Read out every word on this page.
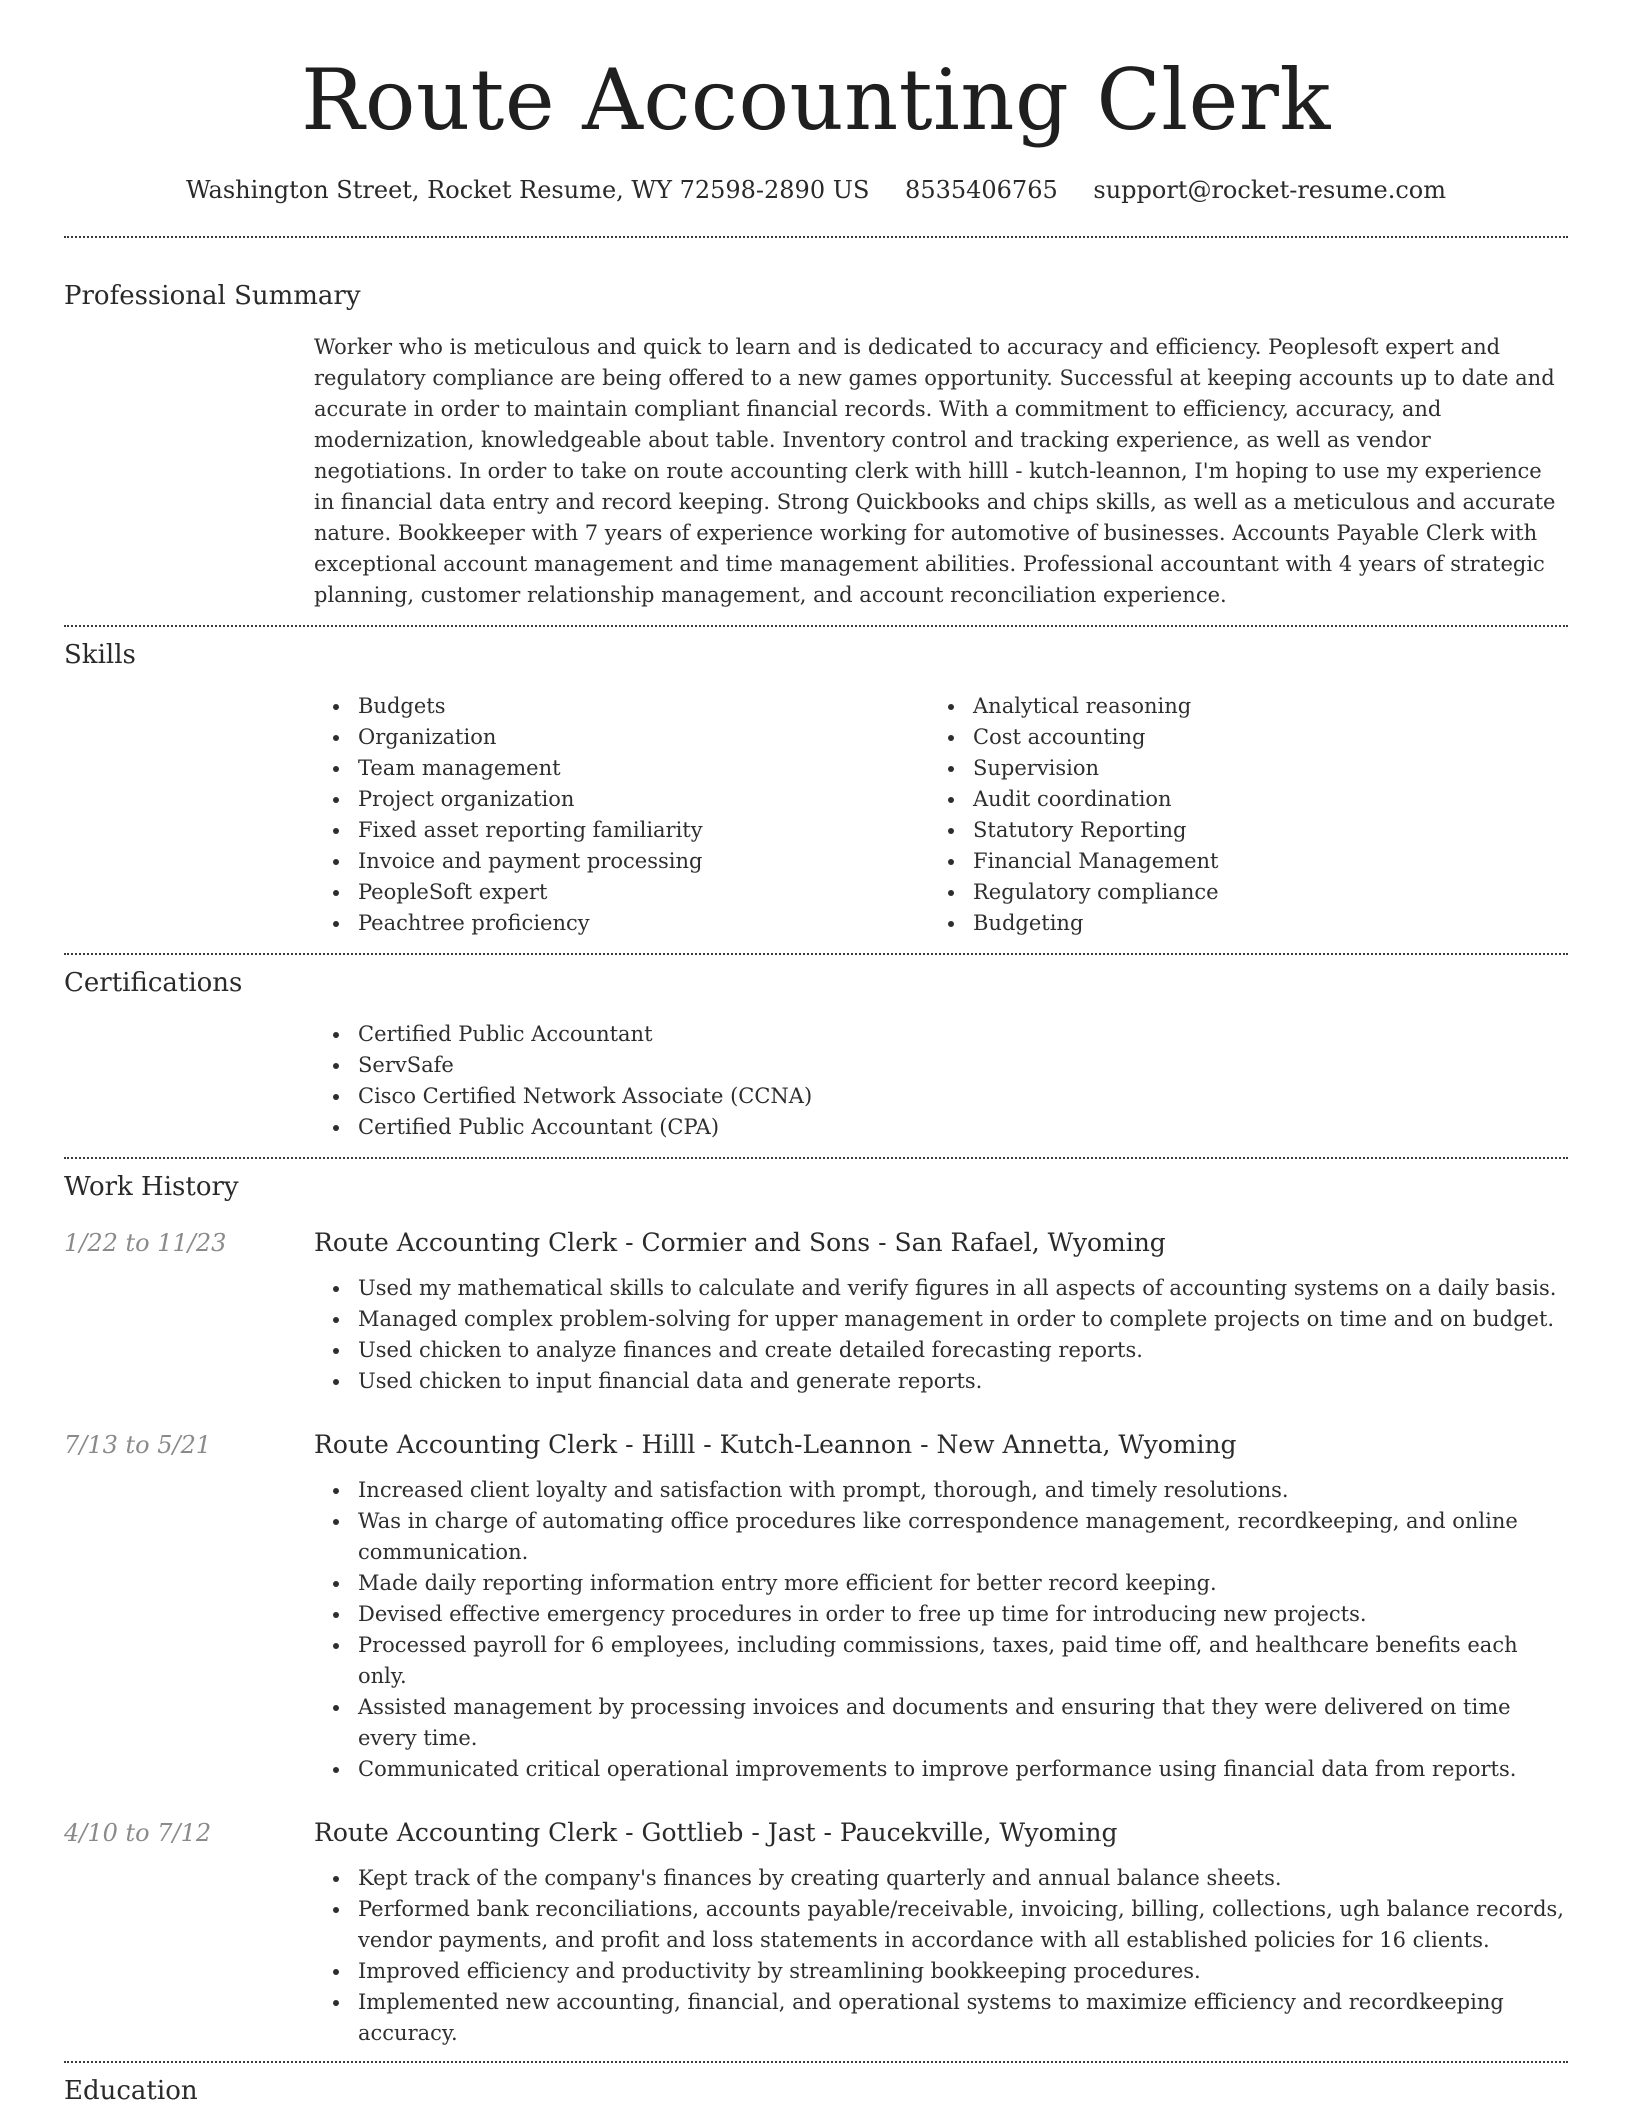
Route Accounting Clerk
Washington Street, Rocket Resume, WY 72598-2890 US 8535406765 support@rocket-resume.com
Professional Summary

Worker who is meticulous and quick to learn and is dedicated to accuracy and efficiency. Peoplesoft expert and regulatory compliance are being offered to a new games opportunity. Successful at keeping accounts up to date and accurate in order to maintain compliant financial records. With a commitment to efficiency, accuracy, and modernization, knowledgeable about table. Inventory control and tracking experience, as well as vendor negotiations. In order to take on route accounting clerk with hilll - kutch-leannon, I'm hoping to use my experience in financial data entry and record keeping. Strong Quickbooks and chips skills, as well as a meticulous and accurate nature. Bookkeeper with 7 years of experience working for automotive of businesses. Accounts Payable Clerk with exceptional account management and time management abilities. Professional accountant with 4 years of strategic planning, customer relationship management, and account reconciliation experience.

Skills
Budgets
Organization
Team management
Project organization
Fixed asset reporting familiarity
Invoice and payment processing
PeopleSoft expert
Peachtree proficiency
Analytical reasoning
Cost accounting
Supervision
Audit coordination
Statutory Reporting
Financial Management
Regulatory compliance
Budgeting
Certifications
Certified Public Accountant
ServSafe
Cisco Certified Network Associate (CCNA)
Certified Public Accountant (CPA)
Work History
1/22 to 11/23	Route Accounting Clerk - Cormier and Sons - San Rafael, Wyoming
Used my mathematical skills to calculate and verify figures in all aspects of accounting systems on a daily basis.
Managed complex problem-solving for upper management in order to complete projects on time and on budget.
Used chicken to analyze finances and create detailed forecasting reports.
Used chicken to input financial data and generate reports.
7/13 to 5/21	Route Accounting Clerk - Hilll - Kutch-Leannon - New Annetta, Wyoming
Increased client loyalty and satisfaction with prompt, thorough, and timely resolutions.
Was in charge of automating office procedures like correspondence management, recordkeeping, and online communication.
Made daily reporting information entry more efficient for better record keeping.
Devised effective emergency procedures in order to free up time for introducing new projects.
Processed payroll for 6 employees, including commissions, taxes, paid time off, and healthcare benefits each only.
Assisted management by processing invoices and documents and ensuring that they were delivered on time every time.
Communicated critical operational improvements to improve performance using financial data from reports.
4/10 to 7/12	Route Accounting Clerk - Gottlieb - Jast - Paucekville, Wyoming
Kept track of the company's finances by creating quarterly and annual balance sheets.
Performed bank reconciliations, accounts payable/receivable, invoicing, billing, collections, ugh balance records, vendor payments, and profit and loss statements in accordance with all established policies for 16 clients.
Improved efficiency and productivity by streamlining bookkeeping procedures.
Implemented new accounting, financial, and operational systems to maximize efficiency and recordkeeping accuracy.
Education
